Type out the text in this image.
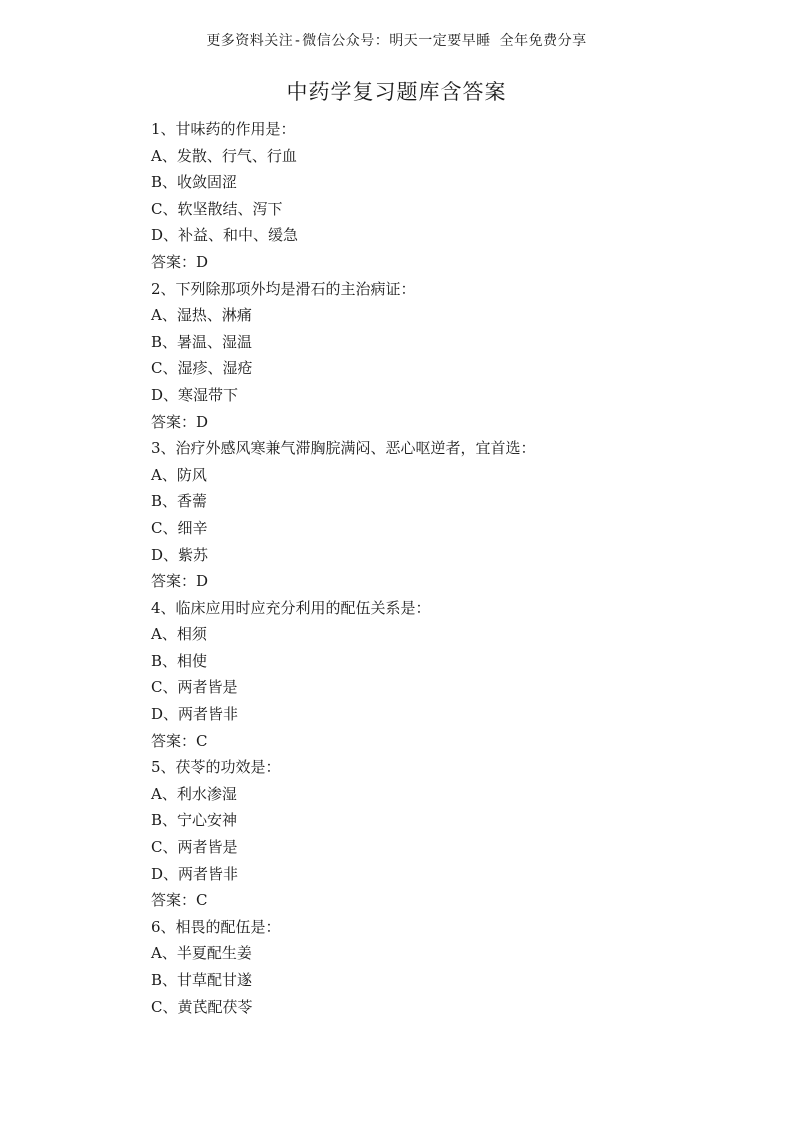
更多资料关注-微信公众号：明天一定要早睡 全年免费分享
中药学复习题库含答案
1、甘味药的作用是：
A、发散、行气、行血
B、收敛固涩
C、软坚散结、泻下
D、补益、和中、缓急
答案：D
2、下列除那项外均是滑石的主治病证：
A、湿热、淋痛
B、暑温、湿温
C、湿疹、湿疮
D、寒湿带下
答案：D
3、治疗外感风寒兼气滞胸脘满闷、恶心呕逆者，宜首选：
A、防风
B、香薷
C、细辛
D、紫苏
答案：D
4、临床应用时应充分利用的配伍关系是：
A、相须
B、相使
C、两者皆是
D、两者皆非
答案：C
5、茯苓的功效是：
A、利水渗湿
B、宁心安神
C、两者皆是
D、两者皆非
答案：C
6、相畏的配伍是：
A、半夏配生姜
B、甘草配甘遂
C、黄芪配茯苓
